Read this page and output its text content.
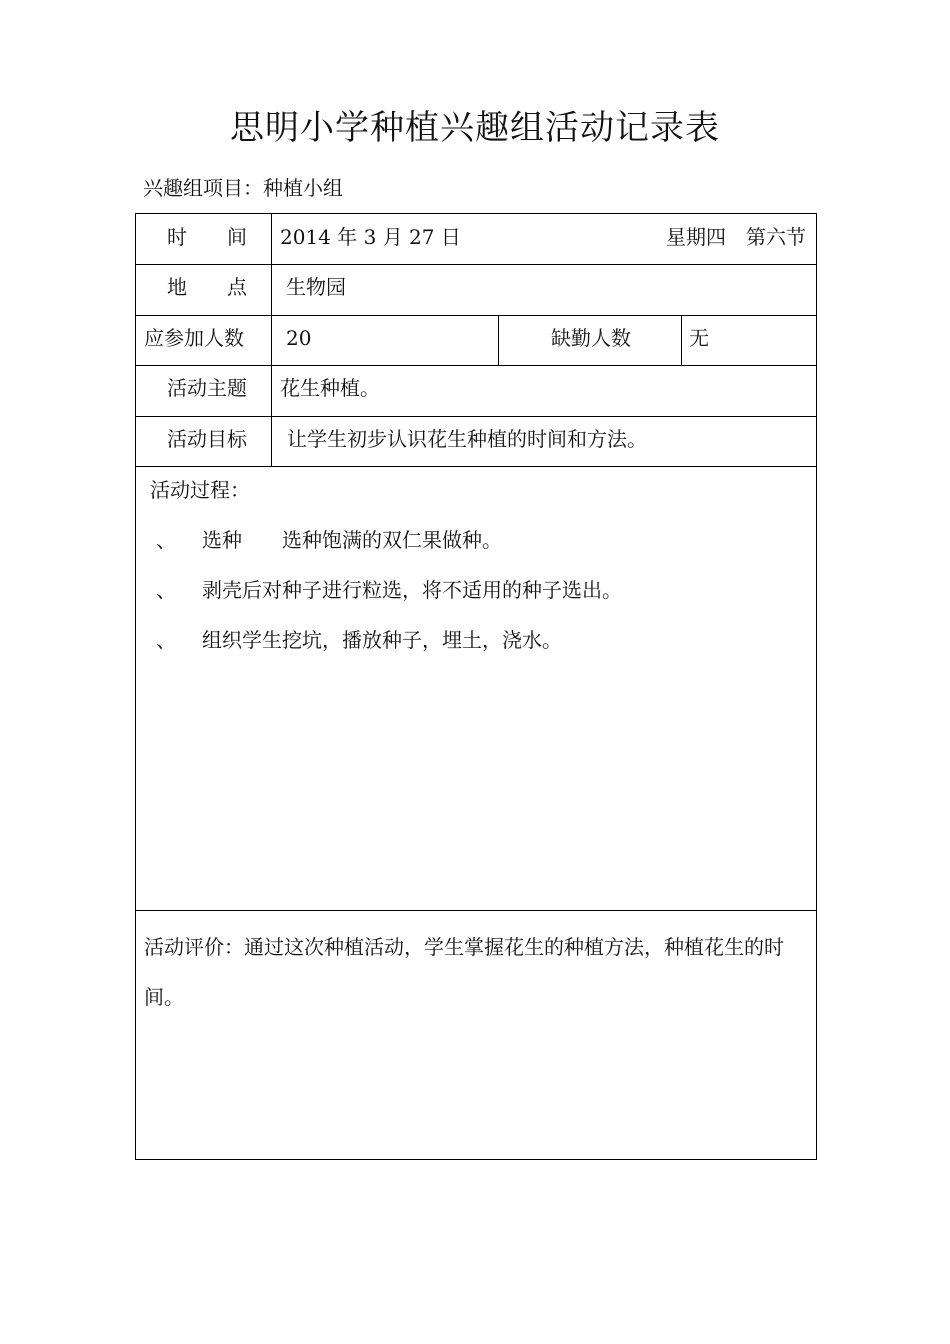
思明小学种植兴趣组活动记录表
兴趣组项目：种植小组
时　　间 2014 年 3 月 27 日	星期四　第六节
地　　点 生物园
应参加人数 20	缺勤人数	无
活动主题 花生种植。
活动目标 让学生初步认识花生种植的时间和方法。
活动过程：
、 选种　　选种饱满的双仁果做种。
、 剥壳后对种子进行粒选，将不适用的种子选出。
、 组织学生挖坑，播放种子，埋土，浇水。
活动评价：通过这次种植活动，学生掌握花生的种植方法，种植花生的时间。
